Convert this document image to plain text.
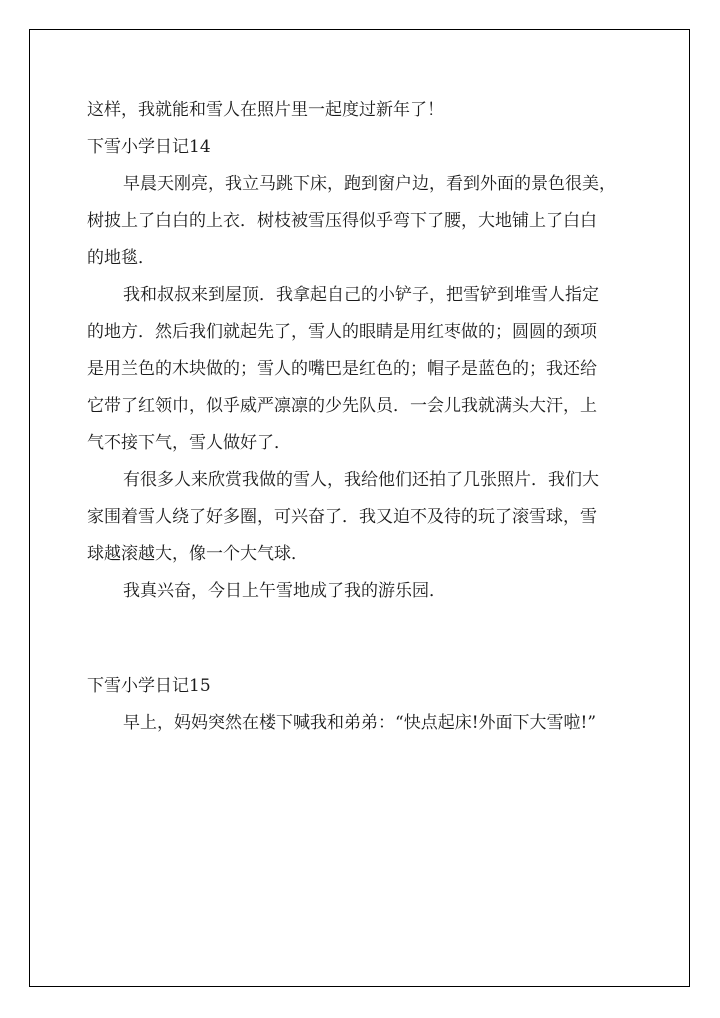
这样，我就能和雪人在照片里一起度过新年了！
下雪小学日记14
早晨天刚亮，我立马跳下床，跑到窗户边，看到外面的景色很美，
树披上了白白的上衣．树枝被雪压得似乎弯下了腰，大地铺上了白白
的地毯．
我和叔叔来到屋顶．我拿起自己的小铲子，把雪铲到堆雪人指定
的地方．然后我们就起先了，雪人的眼睛是用红枣做的；圆圆的颈项
是用兰色的木块做的；雪人的嘴巴是红色的；帽子是蓝色的；我还给
它带了红领巾，似乎威严凛凛的少先队员．一会儿我就满头大汗，上
气不接下气，雪人做好了．
有很多人来欣赏我做的雪人，我给他们还拍了几张照片．我们大
家围着雪人绕了好多圈，可兴奋了．我又迫不及待的玩了滚雪球，雪
球越滚越大，像一个大气球．
我真兴奋，今日上午雪地成了我的游乐园．
下雪小学日记15
早上，妈妈突然在楼下喊我和弟弟：“快点起床!外面下大雪啦!”
